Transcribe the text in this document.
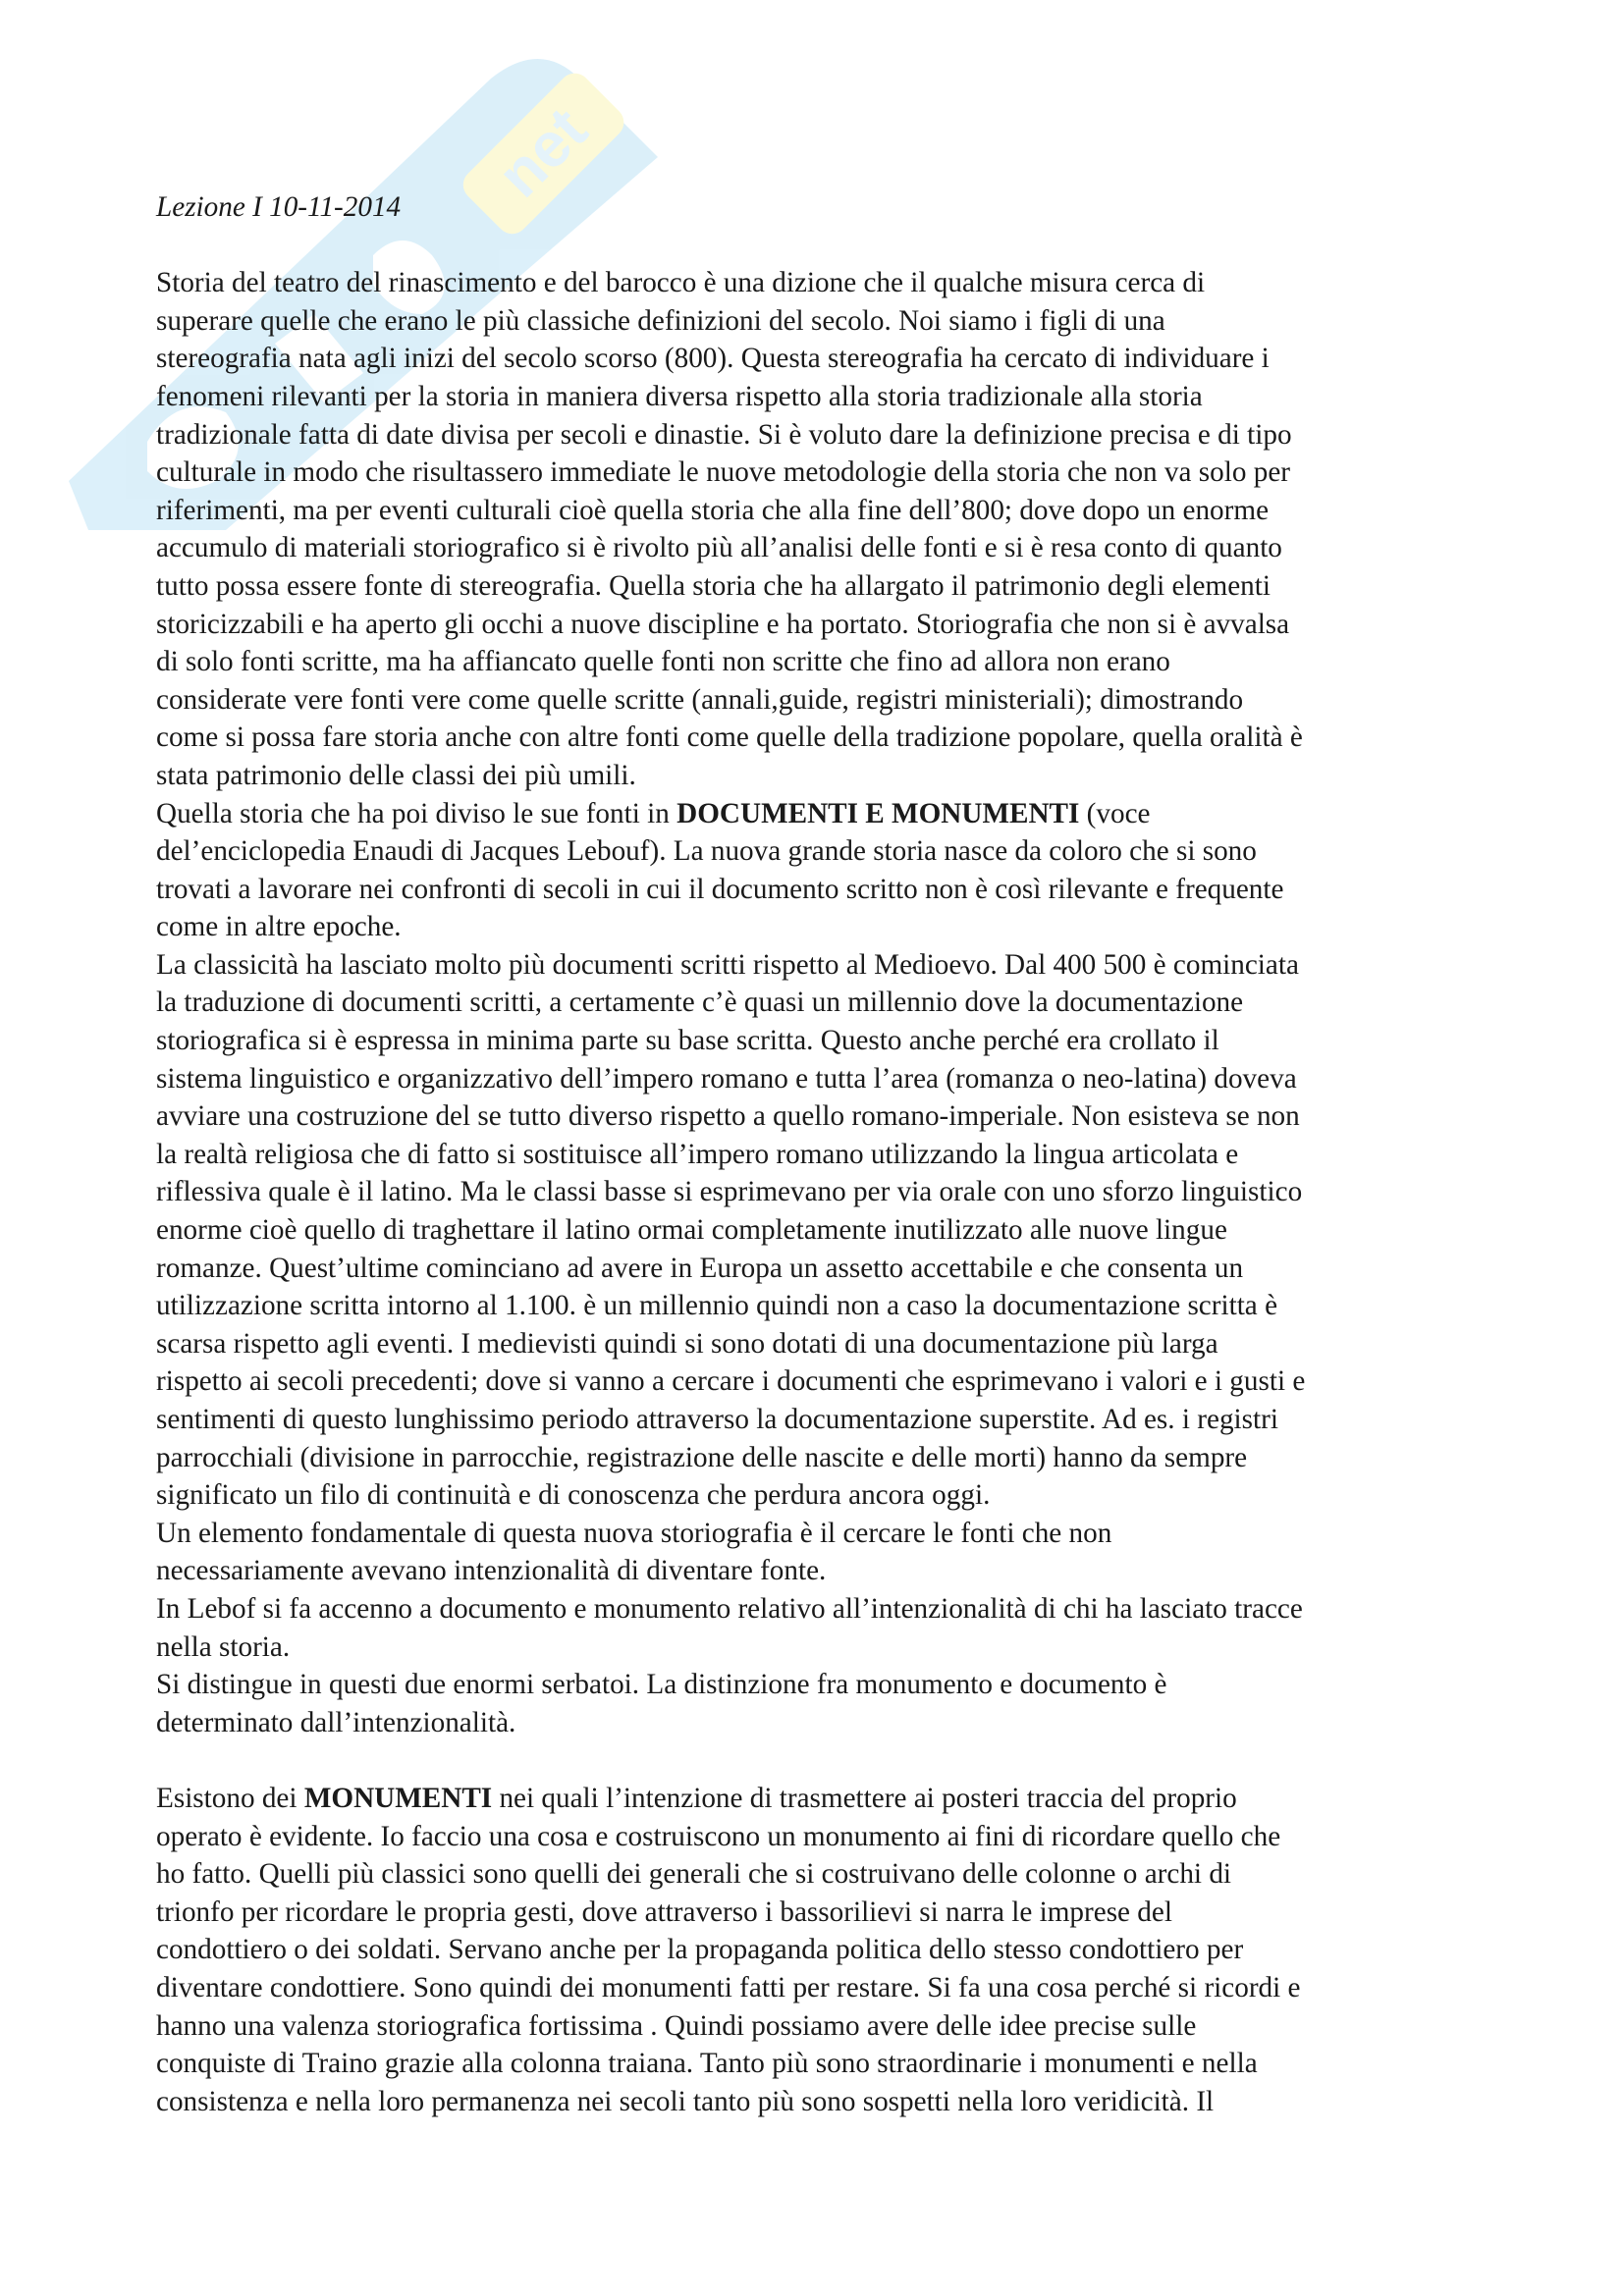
net

Lezione I 10-11-2014

Storia del teatro del rinascimento e del barocco è una dizione che il qualche misura cerca di

superare quelle che erano le più classiche definizioni del secolo. Noi siamo i figli di una

stereografia nata agli inizi del secolo scorso (800). Questa stereografia ha cercato di individuare i

fenomeni rilevanti per la storia in maniera diversa rispetto alla storia tradizionale alla storia

tradizionale fatta di date divisa per secoli e dinastie. Si è voluto dare la definizione precisa e di tipo

culturale in modo che risultassero immediate le nuove metodologie della storia che non va solo per

riferimenti, ma per eventi culturali cioè quella storia che alla fine dell’800; dove dopo un enorme

accumulo di materiali storiografico si è rivolto più all’analisi delle fonti e si è resa conto di quanto

tutto possa essere fonte di stereografia. Quella storia che ha allargato il patrimonio degli elementi

storicizzabili e ha aperto gli occhi a nuove discipline e ha portato. Storiografia che non si è avvalsa

di solo fonti scritte, ma ha affiancato quelle fonti non scritte che fino ad allora non erano

considerate vere fonti vere come quelle scritte (annali,guide, registri ministeriali); dimostrando

come si possa fare storia anche con altre fonti come quelle della tradizione popolare, quella oralità è

stata patrimonio delle classi dei più umili.

Quella storia che ha poi diviso le sue fonti in DOCUMENTI E MONUMENTI (voce

del’enciclopedia Enaudi di Jacques Lebouf). La nuova grande storia nasce da coloro che si sono

trovati a lavorare nei confronti di secoli in cui il documento scritto non è così rilevante e frequente

come in altre epoche.

La classicità ha lasciato molto più documenti scritti rispetto al Medioevo. Dal 400 500 è cominciata

la traduzione di documenti scritti, a certamente c’è quasi un millennio dove la documentazione

storiografica si è espressa in minima parte su base scritta. Questo anche perché era crollato il

sistema linguistico e organizzativo dell’impero romano e tutta l’area (romanza o neo-latina) doveva

avviare una costruzione del se tutto diverso rispetto a quello romano-imperiale. Non esisteva se non

la realtà religiosa che di fatto si sostituisce all’impero romano utilizzando la lingua articolata e

riflessiva quale è il latino. Ma le classi basse si esprimevano per via orale con uno sforzo linguistico

enorme cioè quello di traghettare il latino ormai completamente inutilizzato alle nuove lingue

romanze. Quest’ultime cominciano ad avere in Europa un assetto accettabile e che consenta un

utilizzazione scritta intorno al 1.100. è un millennio quindi non a caso la documentazione scritta è

scarsa rispetto agli eventi. I medievisti quindi si sono dotati di una documentazione più larga

rispetto ai secoli precedenti; dove si vanno a cercare i documenti che esprimevano i valori e i gusti e

sentimenti di questo lunghissimo periodo attraverso la documentazione superstite. Ad es. i registri

parrocchiali (divisione in parrocchie, registrazione delle nascite e delle morti) hanno da sempre

significato un filo di continuità e di conoscenza che perdura ancora oggi.

Un elemento fondamentale di questa nuova storiografia è il cercare le fonti che non

necessariamente avevano intenzionalità di diventare fonte.

In Lebof si fa accenno a documento e monumento relativo all’intenzionalità di chi ha lasciato tracce

nella storia.

Si distingue in questi due enormi serbatoi. La distinzione fra monumento e documento è

determinato dall’intenzionalità.

Esistono dei MONUMENTI nei quali l’intenzione di trasmettere ai posteri traccia del proprio

operato è evidente. Io faccio una cosa e costruiscono un monumento ai fini di ricordare quello che

ho fatto. Quelli più classici sono quelli dei generali che si costruivano delle colonne o archi di

trionfo per ricordare le propria gesti, dove attraverso i bassorilievi si narra le imprese del

condottiero o dei soldati. Servano anche per la propaganda politica dello stesso condottiero per

diventare condottiere. Sono quindi dei monumenti fatti per restare. Si fa una cosa perché si ricordi e

hanno una valenza storiografica fortissima . Quindi possiamo avere delle idee precise sulle

conquiste di Traino grazie alla colonna traiana. Tanto più sono straordinarie i monumenti e nella

consistenza e nella loro permanenza nei secoli tanto più sono sospetti nella loro veridicità. Il
